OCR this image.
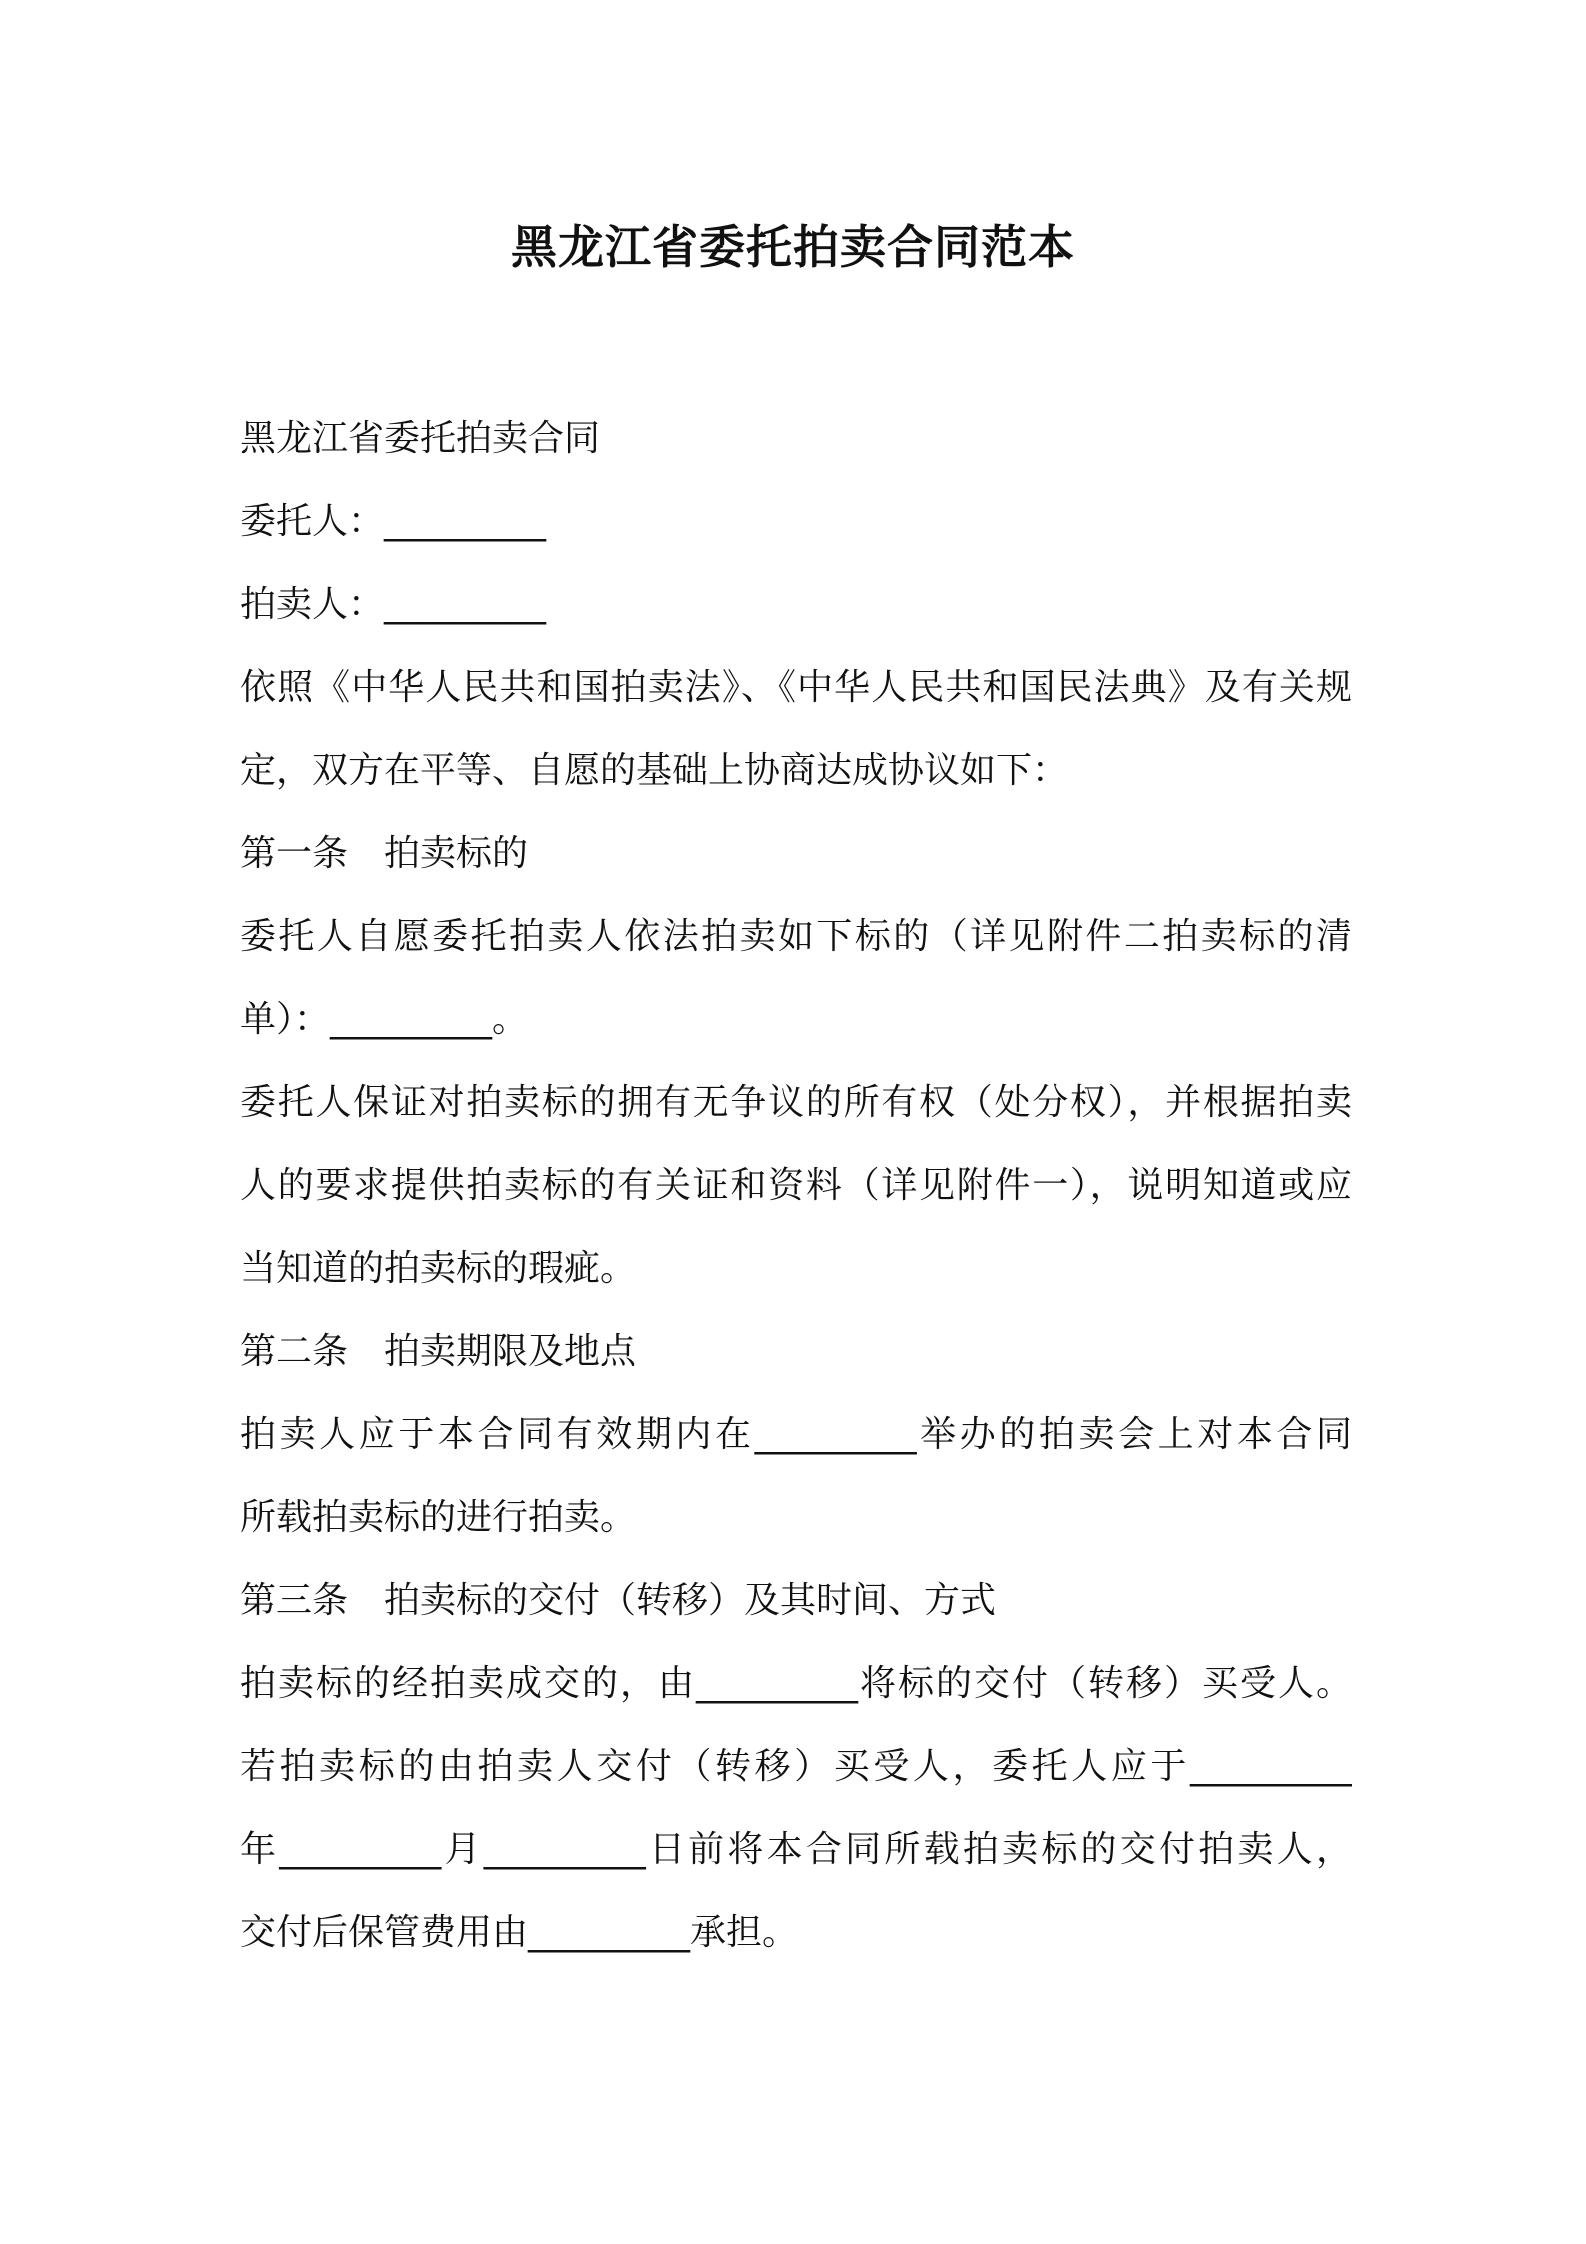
黑龙江省委托拍卖合同范本
黑龙江省委托拍卖合同
委托人：_________
拍卖人：_________
依照《中华人民共和国拍卖法》、《中华人民共和国民法典》及有关规
定，双方在平等、自愿的基础上协商达成协议如下：
第一条　拍卖标的
委托人自愿委托拍卖人依法拍卖如下标的（详见附件二拍卖标的清
单）：_________。
委托人保证对拍卖标的拥有无争议的所有权（处分权），并根据拍卖
人的要求提供拍卖标的有关证和资料（详见附件一），说明知道或应
当知道的拍卖标的瑕疵。
第二条　拍卖期限及地点
拍卖人应于本合同有效期内在_________举办的拍卖会上对本合同
所载拍卖标的进行拍卖。
第三条　拍卖标的交付（转移）及其时间、方式
拍卖标的经拍卖成交的，由_________将标的交付（转移）买受人。
若拍卖标的由拍卖人交付（转移）买受人，委托人应于_________
年_________月_________日前将本合同所载拍卖标的交付拍卖人，
交付后保管费用由_________承担。
